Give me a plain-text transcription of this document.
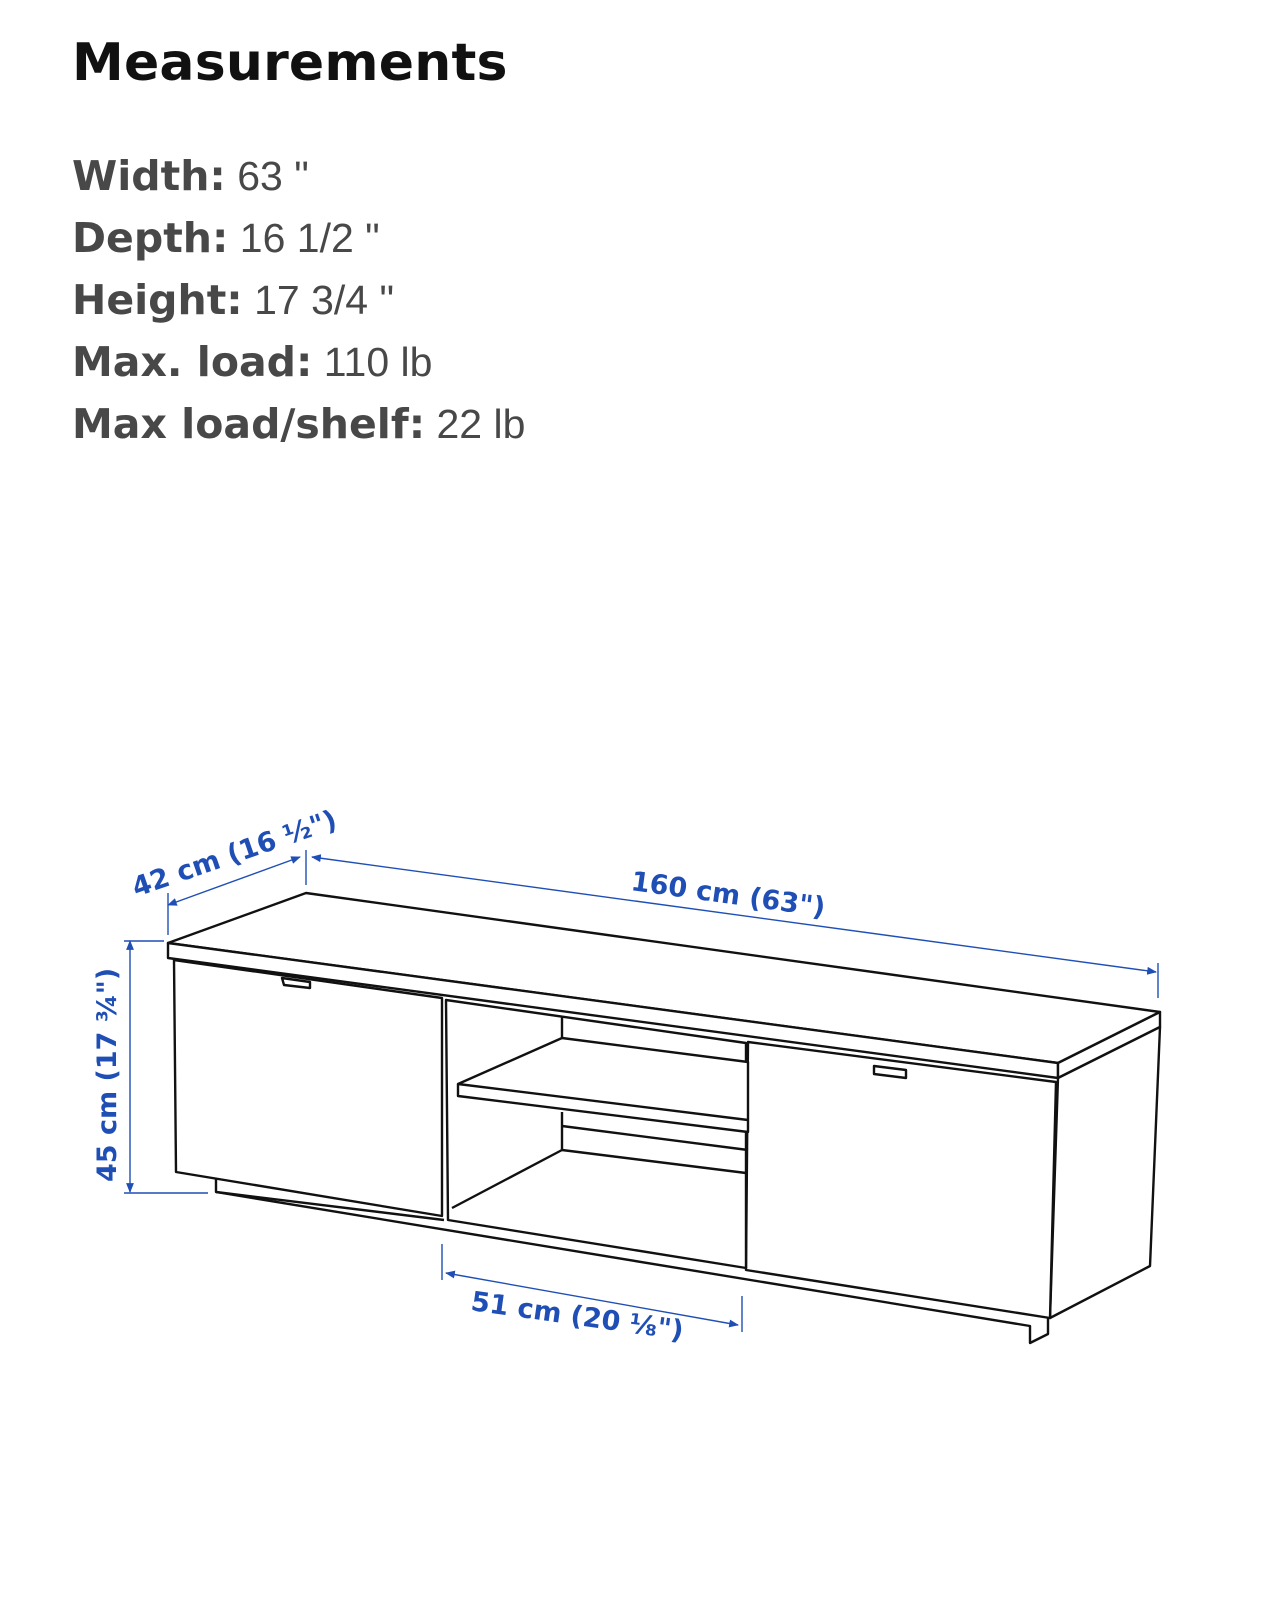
Measurements
Width: 63 "
Depth: 16 1/2 "
Height: 17 3/4 "
Max. load: 110 lb
Max load/shelf: 22 lb
42 cm (16 ½")	160 cm (63")
45 cm (17 ¾")
51 cm (20 ⅛")
